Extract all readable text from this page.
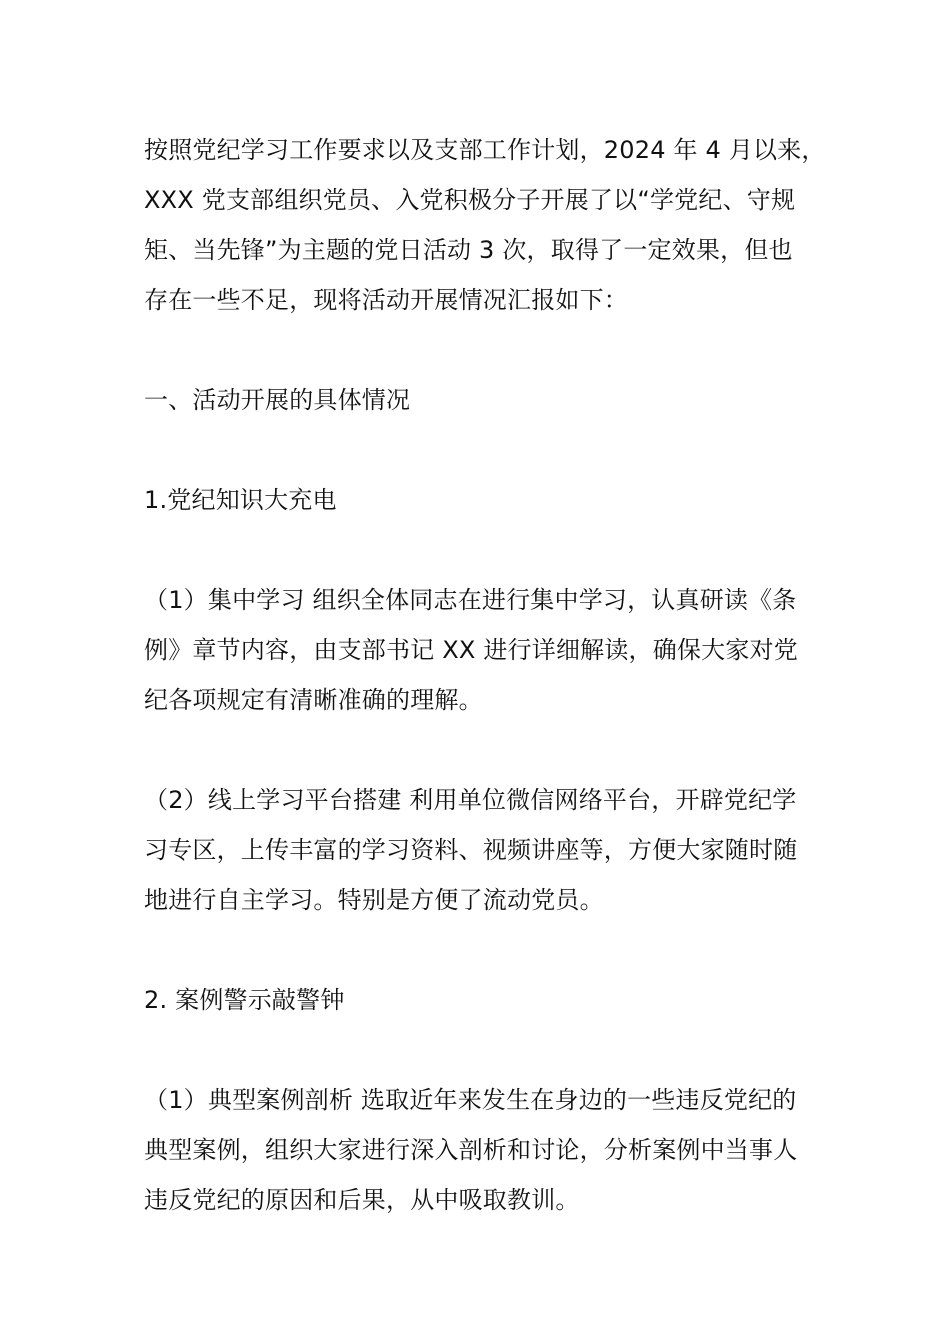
按照党纪学习工作要求以及支部工作计划，2024 年 4 月以来，
XXX 党支部组织党员、入党积极分子开展了以“学党纪、守规
矩、当先锋”为主题的党日活动 3 次，取得了一定效果，但也
存在一些不足，现将活动开展情况汇报如下：
一、活动开展的具体情况
1.党纪知识大充电
（1）集中学习 组织全体同志在进行集中学习，认真研读《条
例》章节内容，由支部书记 XX 进行详细解读，确保大家对党
纪各项规定有清晰准确的理解。
（2）线上学习平台搭建 利用单位微信网络平台，开辟党纪学
习专区，上传丰富的学习资料、视频讲座等，方便大家随时随
地进行自主学习。特别是方便了流动党员。
2. 案例警示敲警钟
（1）典型案例剖析 选取近年来发生在身边的一些违反党纪的
典型案例，组织大家进行深入剖析和讨论，分析案例中当事人
违反党纪的原因和后果，从中吸取教训。
